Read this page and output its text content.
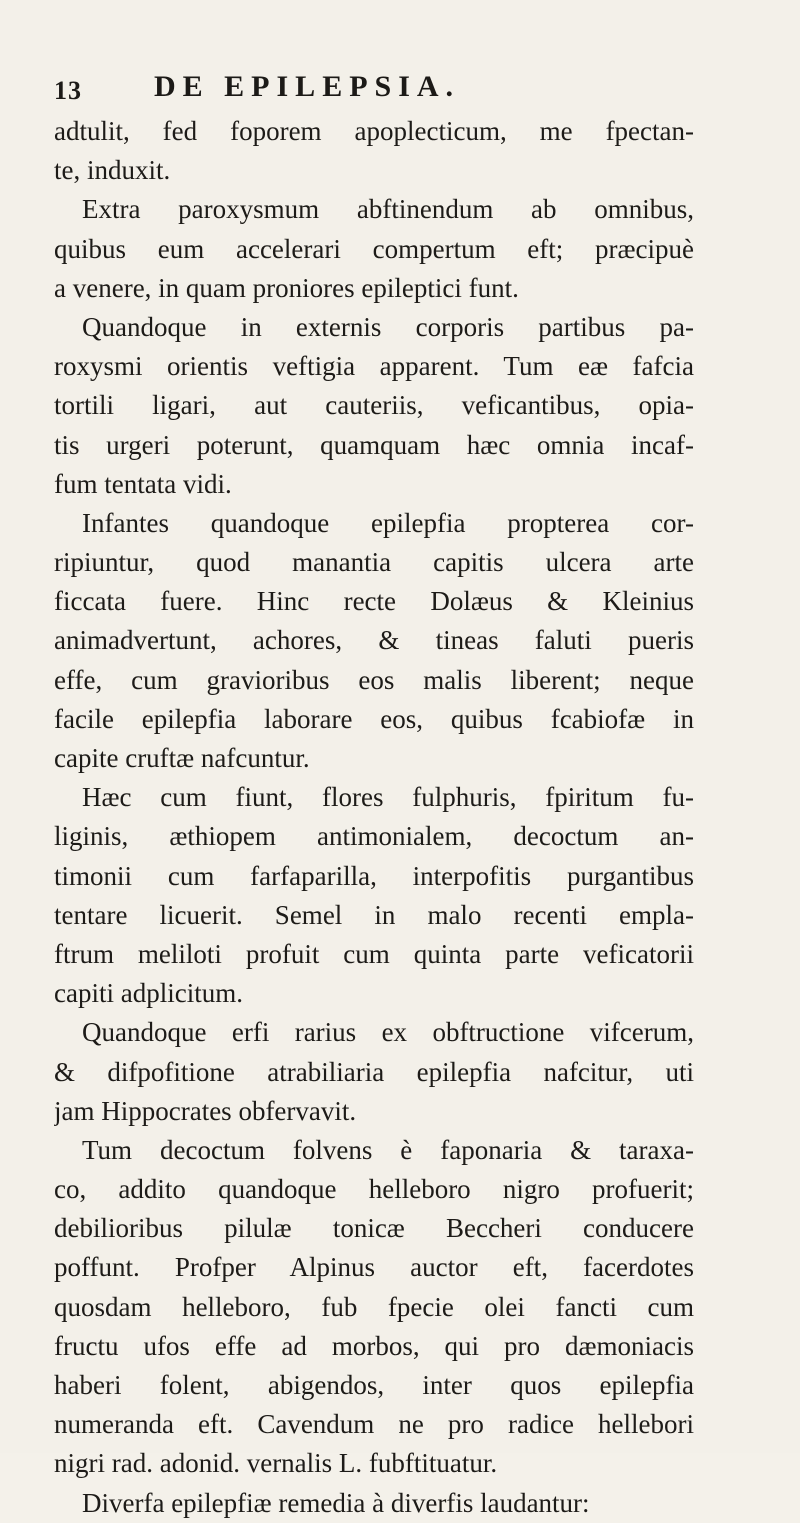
13 DE EPILEPSIA.
adtulit, fed foporem apoplecticum, me fpectan-
te, induxit.
Extra paroxysmum abftinendum ab omnibus,
quibus eum accelerari compertum eft; præcipuè
a venere, in quam proniores epileptici funt.
Quandoque in externis corporis partibus pa-
roxysmi orientis veftigia apparent. Tum eæ fafcia
tortili ligari, aut cauteriis, veficantibus, opia-
tis urgeri poterunt, quamquam hæc omnia incaf-
fum tentata vidi.
Infantes quandoque epilepfia propterea cor-
ripiuntur, quod manantia capitis ulcera arte
ficcata fuere. Hinc recte Dolæus & Kleinius
animadvertunt, achores, & tineas faluti pueris
effe, cum gravioribus eos malis liberent; neque
facile epilepfia laborare eos, quibus fcabiofæ in
capite cruftæ nafcuntur.
Hæc cum fiunt, flores fulphuris, fpiritum fu-
liginis, æthiopem antimonialem, decoctum an-
timonii cum farfaparilla, interpofitis purgantibus
tentare licuerit. Semel in malo recenti empla-
ftrum meliloti profuit cum quinta parte veficatorii
capiti adplicitum.
Quandoque erfi rarius ex obftructione vifcerum,
& difpofitione atrabiliaria epilepfia nafcitur, uti
jam Hippocrates obfervavit.
Tum decoctum folvens è faponaria & taraxa-
co, addito quandoque helleboro nigro profuerit;
debilioribus pilulæ tonicæ Beccheri conducere
poffunt. Profper Alpinus auctor eft, facerdotes
quosdam helleboro, fub fpecie olei fancti cum
fructu ufos effe ad morbos, qui pro dæmoniacis
haberi folent, abigendos, inter quos epilepfia
numeranda eft. Cavendum ne pro radice hellebori
nigri rad. adonid. vernalis L. fubftituatur.
Diverfa epilepfiæ remedia à diverfis laudantur:
